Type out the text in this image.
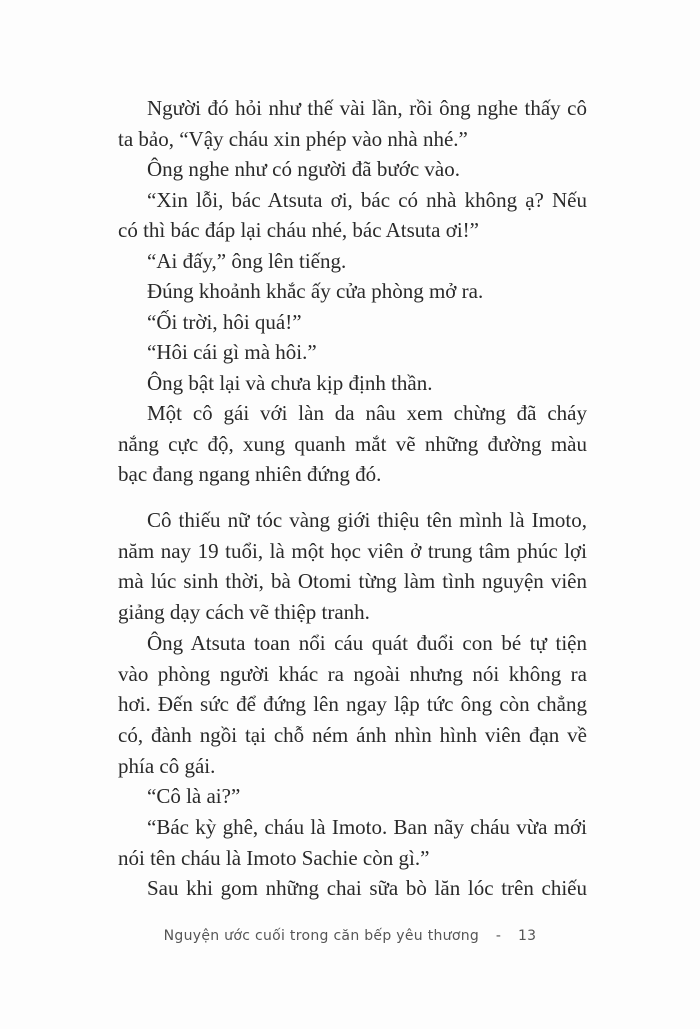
Người đó hỏi như thế vài lần, rồi ông nghe thấy cô
ta bảo, “Vậy cháu xin phép vào nhà nhé.”
Ông nghe như có người đã bước vào.
“Xin lỗi, bác Atsuta ơi, bác có nhà không ạ? Nếu
có thì bác đáp lại cháu nhé, bác Atsuta ơi!”
“Ai đấy,” ông lên tiếng.
Đúng khoảnh khắc ấy cửa phòng mở ra.
“Ối trời, hôi quá!”
“Hôi cái gì mà hôi.”
Ông bật lại và chưa kịp định thần.
Một cô gái với làn da nâu xem chừng đã cháy
nắng cực độ, xung quanh mắt vẽ những đường màu
bạc đang ngang nhiên đứng đó.
Cô thiếu nữ tóc vàng giới thiệu tên mình là Imoto,
năm nay 19 tuổi, là một học viên ở trung tâm phúc lợi
mà lúc sinh thời, bà Otomi từng làm tình nguyện viên
giảng dạy cách vẽ thiệp tranh.
Ông Atsuta toan nổi cáu quát đuổi con bé tự tiện
vào phòng người khác ra ngoài nhưng nói không ra
hơi. Đến sức để đứng lên ngay lập tức ông còn chẳng
có, đành ngồi tại chỗ ném ánh nhìn hình viên đạn về
phía cô gái.
“Cô là ai?”
“Bác kỳ ghê, cháu là Imoto. Ban nãy cháu vừa mới
nói tên cháu là Imoto Sachie còn gì.”
Sau khi gom những chai sữa bò lăn lóc trên chiếu
Nguyện ước cuối trong căn bếp yêu thương - 13
